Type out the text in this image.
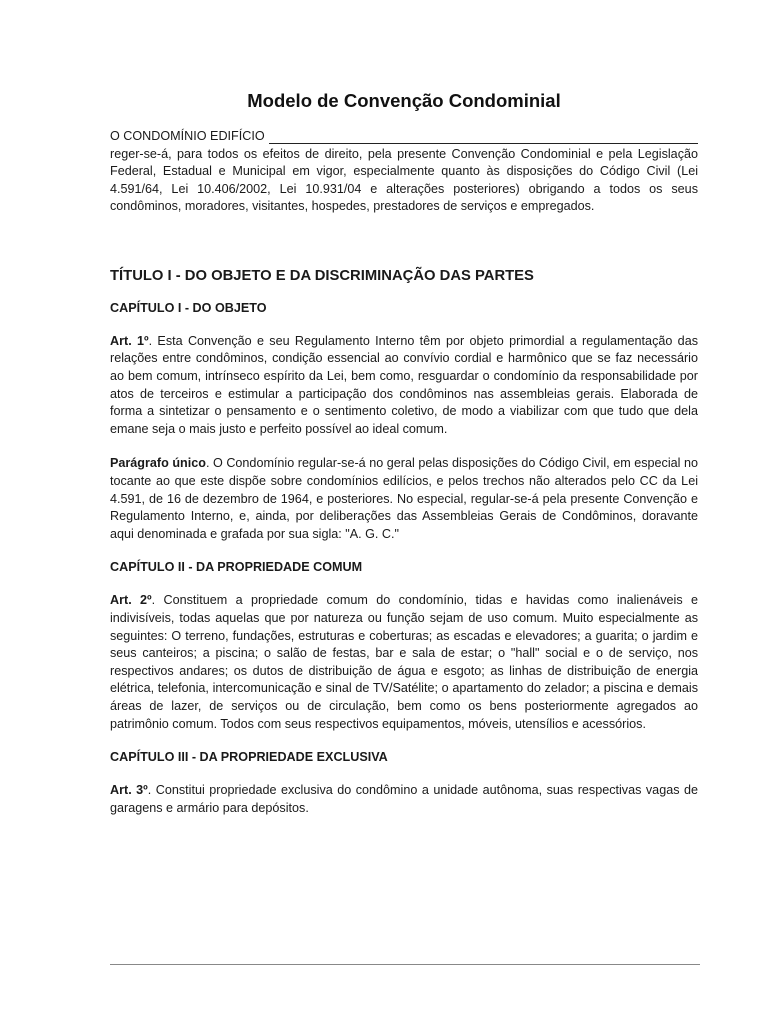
Modelo de Convenção Condominial
O CONDOMÍNIO EDIFÍCIO

reger-se-á, para todos os efeitos de direito, pela presente Convenção Condominial e pela Legislação Federal, Estadual e Municipal em vigor, especialmente quanto às disposições do Código Civil (Lei 4.591/64, Lei 10.406/2002, Lei 10.931/04 e alterações posteriores) obrigando a todos os seus condôminos, moradores, visitantes, hospedes, prestadores de serviços e empregados.

TÍTULO I - DO OBJETO E DA DISCRIMINAÇÃO DAS PARTES
CAPÍTULO I - DO OBJETO

Art. 1º. Esta Convenção e seu Regulamento Interno têm por objeto primordial a regulamentação das relações entre condôminos, condição essencial ao convívio cordial e harmônico que se faz necessário ao bem comum, intrínseco espírito da Lei, bem como, resguardar o condomínio da responsabilidade por atos de terceiros e estimular a participação dos condôminos nas assembleias gerais. Elaborada de forma a sintetizar o pensamento e o sentimento coletivo, de modo a viabilizar com que tudo que dela emane seja o mais justo e perfeito possível ao ideal comum.

Parágrafo único. O Condomínio regular-se-á no geral pelas disposições do Código Civil, em especial no tocante ao que este dispõe sobre condomínios edilícios, e pelos trechos não alterados pelo CC da Lei 4.591, de 16 de dezembro de 1964, e posteriores. No especial, regular-se-á pela presente Convenção e Regulamento Interno, e, ainda, por deliberações das Assembleias Gerais de Condôminos, doravante aqui denominada e grafada por sua sigla: "A. G. C."

CAPÍTULO II - DA PROPRIEDADE COMUM

Art. 2º. Constituem a propriedade comum do condomínio, tidas e havidas como inalienáveis e indivisíveis, todas aquelas que por natureza ou função sejam de uso comum. Muito especialmente as seguintes: O terreno, fundações, estruturas e coberturas; as escadas e elevadores; a guarita; o jardim e seus canteiros; a piscina; o salão de festas, bar e sala de estar; o "hall" social e o de serviço, nos respectivos andares; os dutos de distribuição de água e esgoto; as linhas de distribuição de energia elétrica, telefonia, intercomunicação e sinal de TV/Satélite; o apartamento do zelador; a piscina e demais áreas de lazer, de serviços ou de circulação, bem como os bens posteriormente agregados ao patrimônio comum. Todos com seus respectivos equipamentos, móveis, utensílios e acessórios.

CAPÍTULO III - DA PROPRIEDADE EXCLUSIVA

Art. 3º. Constitui propriedade exclusiva do condômino a unidade autônoma, suas respectivas vagas de garagens e armário para depósitos.
